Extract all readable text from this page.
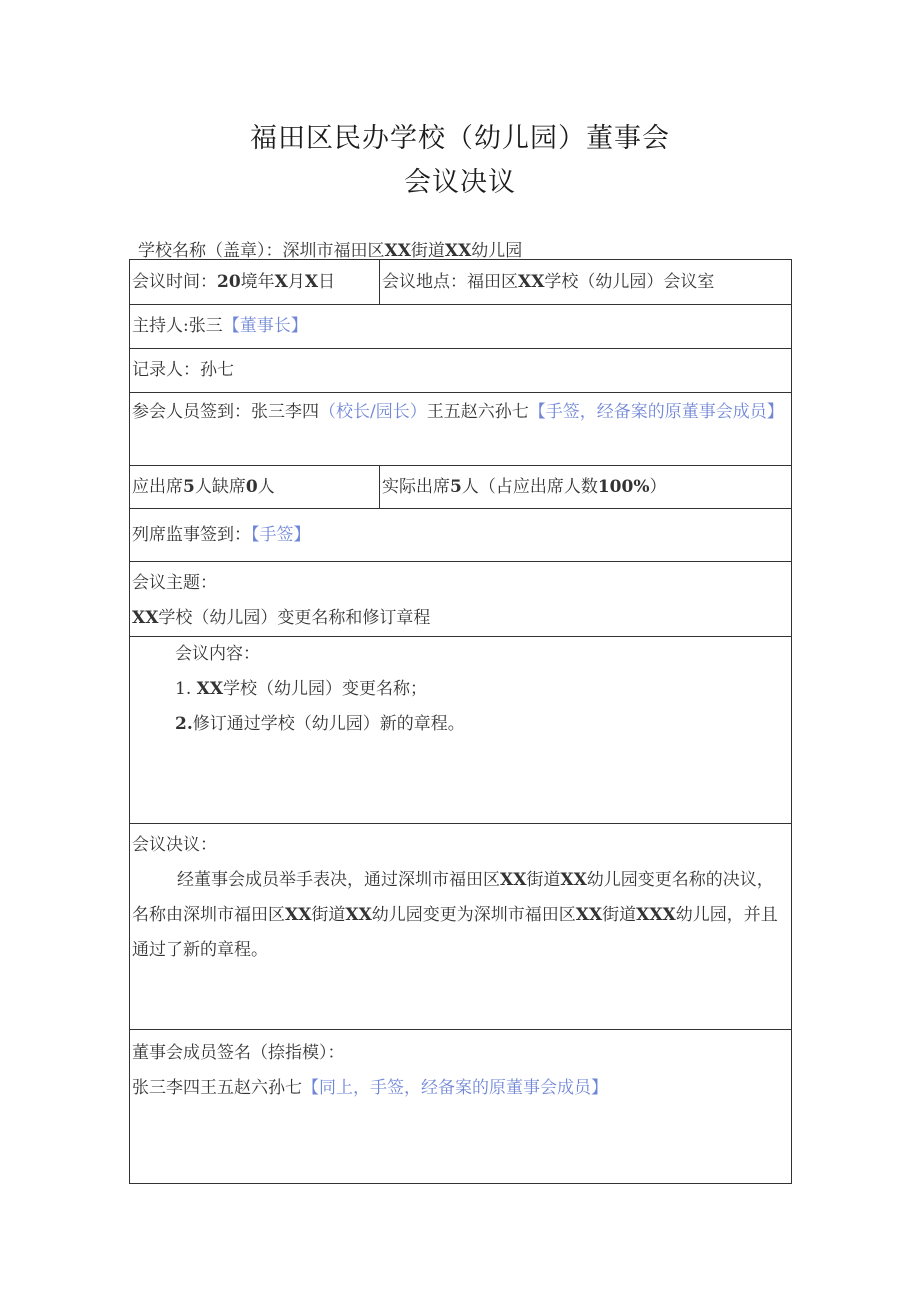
福田区民办学校（幼儿园）董事会
会议决议
学校名称（盖章）：深圳市福田区XX街道XX幼儿园
会议时间：20境年X月X日	会议地点：福田区XX学校（幼儿园）会议室
主持人:张三【董事长】	
记录人：孙七	
参会人员签到：张三李四（校长/园长）王五赵六孙七【手签，经备案的原董事会成员】	
应出席5人缺席0人	实际出席5人（占应出席人数100%）
列席监事签到：【手签】	

会议主题：

XX学校（幼儿园）变更名称和修订章程	

会议内容：

1. XX学校（幼儿园）变更名称；

2.修订通过学校（幼儿园）新的章程。	

会议决议：

经董事会成员举手表决，通过深圳市福田区XX街道XX幼儿园变更名称的决议，名称由深圳市福田区XX街道XX幼儿园变更为深圳市福田区XX街道XXX幼儿园，并且通过了新的章程。	

董事会成员签名（捺指模）：

张三李四王五赵六孙七【同上，手签，经备案的原董事会成员】	
